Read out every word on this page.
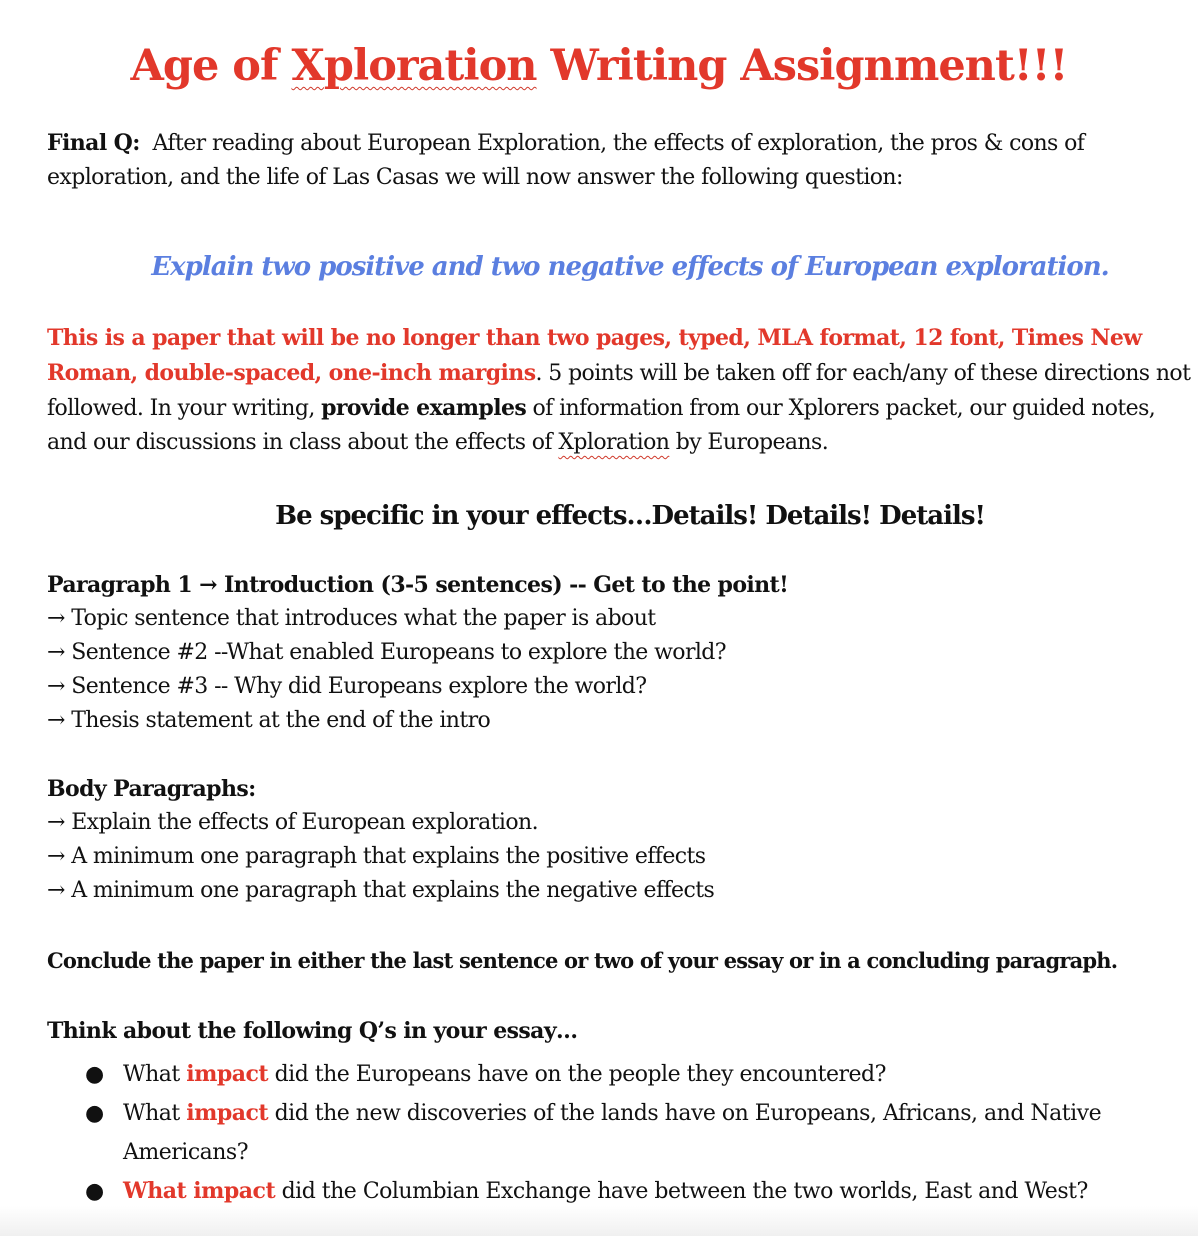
Age of Xploration Writing Assignment!!!

Final Q: After reading about European Exploration, the effects of exploration, the pros & cons of exploration, and the life of Las Casas we will now answer the following question:

Explain two positive and two negative effects of European exploration.

This is a paper that will be no longer than two pages, typed, MLA format, 12 font, Times New Roman, double-spaced, one-inch margins. 5 points will be taken off for each/any of these directions not followed. In your writing, provide examples of information from our Xplorers packet, our guided notes, and our discussions in class about the effects of Xploration by Europeans.

Be specific in your effects…Details! Details! Details!

Paragraph 1 → Introduction (3-5 sentences) -- Get to the point!

→ Topic sentence that introduces what the paper is about
→ Sentence #2 --What enabled Europeans to explore the world?
→ Sentence #3 -- Why did Europeans explore the world?
→ Thesis statement at the end of the intro

Body Paragraphs:

→ Explain the effects of European exploration.
→ A minimum one paragraph that explains the positive effects
→ A minimum one paragraph that explains the negative effects

Conclude the paper in either the last sentence or two of your essay or in a concluding paragraph.

Think about the following Q’s in your essay…

● What impact did the Europeans have on the people they encountered?
● What impact did the new discoveries of the lands have on Europeans, Africans, and Native Americans?
● What impact did the Columbian Exchange have between the two worlds, East and West?
